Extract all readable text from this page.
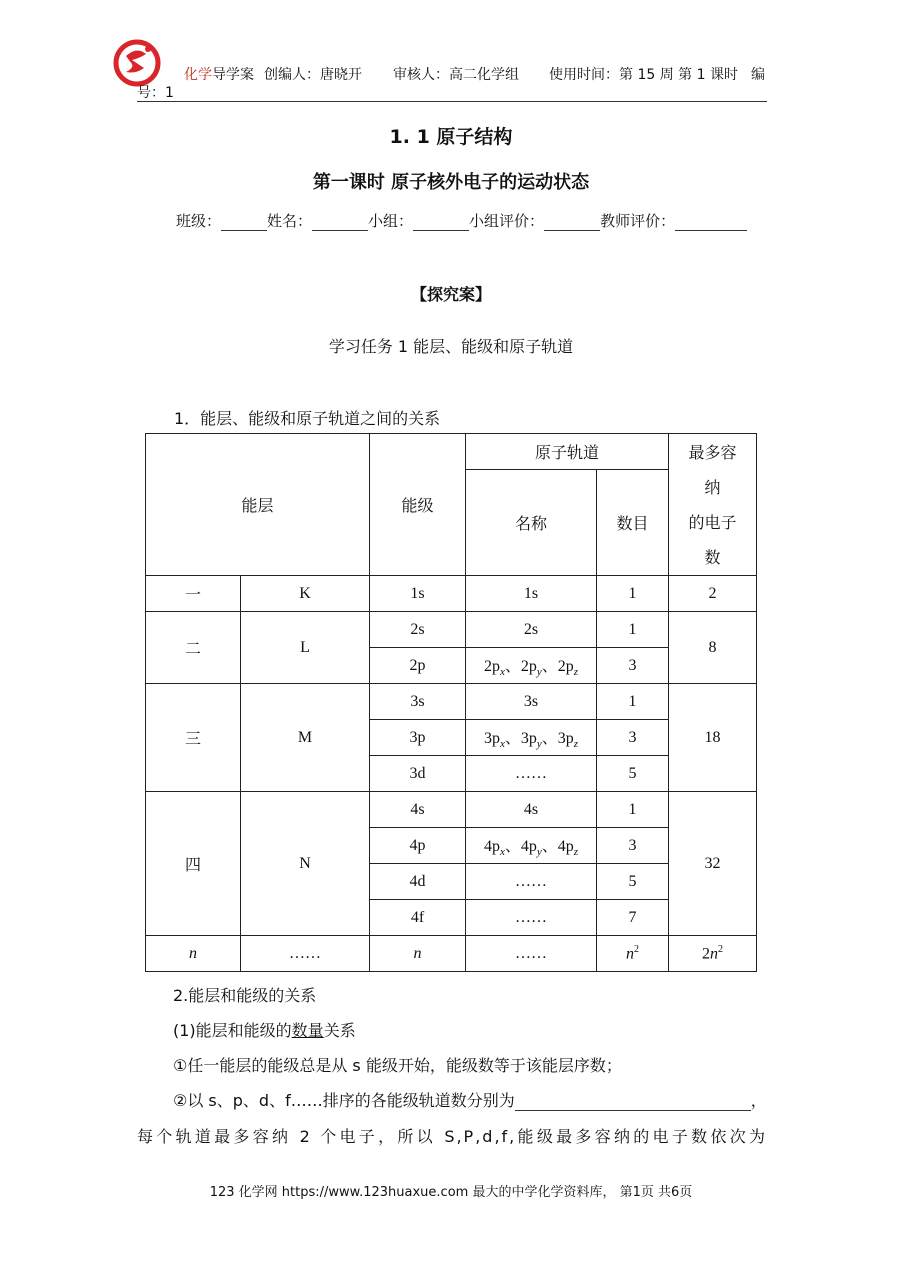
化学导学案 创编人：唐晓开 审核人：高二化学组 使用时间：第 15 周 第 1 课时 编
号：1
1. 1 原子结构
第一课时 原子核外电子的运动状态
班级：	姓名：	小组：	小组评价：	教师评价：
【探究案】
学习任务 1 能层、能级和原子轨道
1．能层、能级和原子轨道之间的关系
能层		能级	原子轨道		最多容
纳
的电子
数
			名称	数目	
一	K	1s	1s	1	2
二	L	2s	2s	1	8
		2p	$2p_x$、$2p_y$、$2p_z$	3	
三	M	3s	3s	1	18
		3p	$3p_x$、$3p_y$、$3p_z$	3	
		3d	……	5	
四	N	4s	4s	1	32
		4p	$4p_x$、$4p_y$、$4p_z$	3	
		4d	……	5	
		4f	……	7	
n	……	n	……	$n^2$	$2n^2$
2.能层和能级的关系
(1)能层和能级的数量关系
①任一能层的能级总是从 s 能级开始，能级数等于该能层序数；
②以 s、p、d、f……排序的各能级轨道数分别为	，
每个轨道最多容纳 2 个电子，所以 S,P,d,f,能级最多容纳的电子数依次为
123 化学网 https://www.123huaxue.com 最大的中学化学资料库， 第1页 共6页
